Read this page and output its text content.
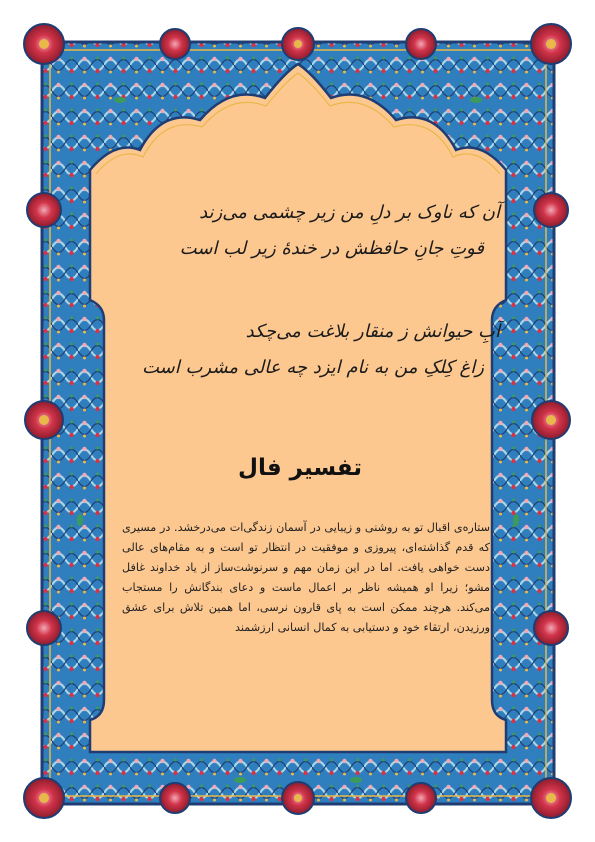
آن که ناوک بر دلِ من زیر چشمی می‌زند
قوتِ جانِ حافظش در خندهٔ زیر لب است
آبِ حیوانش ز منقار بلاغت می‌چکد
زاغ کِلکِ من به نام ایزد چه عالی مشرب است
تفسیر فال
ستاره‌ی اقبال تو به روشنی و زیبایی در آسمان زندگی‌ات می‌درخشد. در مسیری که قدم گذاشته‌ای، پیروزی و موفقیت در انتظار تو است و به مقام‌های عالی دست خواهی یافت. اما در این زمان مهم و سرنوشت‌ساز از یاد خداوند غافل مشو؛ زیرا او همیشه ناظر بر اعمال ماست و دعای بندگانش را مستجاب می‌کند. هرچند ممکن است به پای قارون نرسی، اما همین تلاش برای عشق ورزیدن، ارتقاء خود و دستیابی به کمال انسانی ارزشمند
